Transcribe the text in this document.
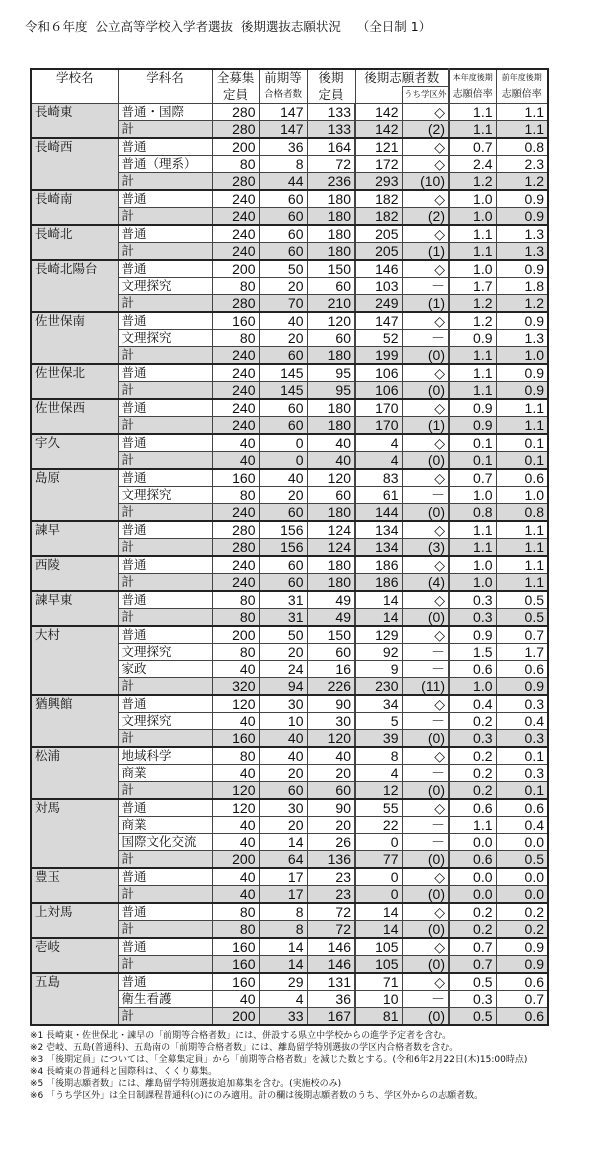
令和６年度  公立高等学校入学者選抜  後期選抜志願状況    （全日制 1）
学校名	学科名	全募集	前期等	後期	後期志願者数		本年度後期	前年度後期
		定員	合格者数	定員		うち学区外	志願倍率	志願倍率
長崎東	普通・国際	280	147	133	142	◇	1.1	1.1
	計	280	147	133	142	(2)	1.1	1.1
長崎西	普通	200	36	164	121	◇	0.7	0.8
	普通（理系）	80	8	72	172	◇	2.4	2.3
	計	280	44	236	293	(10)	1.2	1.2
長崎南	普通	240	60	180	182	◇	1.0	0.9
	計	240	60	180	182	(2)	1.0	0.9
長崎北	普通	240	60	180	205	◇	1.1	1.3
	計	240	60	180	205	(1)	1.1	1.3
長崎北陽台	普通	200	50	150	146	◇	1.0	0.9
	文理探究	80	20	60	103	－	1.7	1.8
	計	280	70	210	249	(1)	1.2	1.2
佐世保南	普通	160	40	120	147	◇	1.2	0.9
	文理探究	80	20	60	52	－	0.9	1.3
	計	240	60	180	199	(0)	1.1	1.0
佐世保北	普通	240	145	95	106	◇	1.1	0.9
	計	240	145	95	106	(0)	1.1	0.9
佐世保西	普通	240	60	180	170	◇	0.9	1.1
	計	240	60	180	170	(1)	0.9	1.1
宇久	普通	40	0	40	4	◇	0.1	0.1
	計	40	0	40	4	(0)	0.1	0.1
島原	普通	160	40	120	83	◇	0.7	0.6
	文理探究	80	20	60	61	－	1.0	1.0
	計	240	60	180	144	(0)	0.8	0.8
諫早	普通	280	156	124	134	◇	1.1	1.1
	計	280	156	124	134	(3)	1.1	1.1
西陵	普通	240	60	180	186	◇	1.0	1.1
	計	240	60	180	186	(4)	1.0	1.1
諫早東	普通	80	31	49	14	◇	0.3	0.5
	計	80	31	49	14	(0)	0.3	0.5
大村	普通	200	50	150	129	◇	0.9	0.7
	文理探究	80	20	60	92	－	1.5	1.7
	家政	40	24	16	9	－	0.6	0.6
	計	320	94	226	230	(11)	1.0	0.9
猶興館	普通	120	30	90	34	◇	0.4	0.3
	文理探究	40	10	30	5	－	0.2	0.4
	計	160	40	120	39	(0)	0.3	0.3
松浦	地域科学	80	40	40	8	◇	0.2	0.1
	商業	40	20	20	4	－	0.2	0.3
	計	120	60	60	12	(0)	0.2	0.1
対馬	普通	120	30	90	55	◇	0.6	0.6
	商業	40	20	20	22	－	1.1	0.4
	国際文化交流	40	14	26	0	－	0.0	0.0
	計	200	64	136	77	(0)	0.6	0.5
豊玉	普通	40	17	23	0	◇	0.0	0.0
	計	40	17	23	0	(0)	0.0	0.0
上対馬	普通	80	8	72	14	◇	0.2	0.2
	計	80	8	72	14	(0)	0.2	0.2
壱岐	普通	160	14	146	105	◇	0.7	0.9
	計	160	14	146	105	(0)	0.7	0.9
五島	普通	160	29	131	71	◇	0.5	0.6
	衛生看護	40	4	36	10	－	0.3	0.7
	計	200	33	167	81	(0)	0.5	0.6
※1 長崎東・佐世保北・諫早の「前期等合格者数」には、併設する県立中学校からの進学予定者を含む。
※2 壱岐、五島(普通科)、五島南の「前期等合格者数」には、離島留学特別選抜の学区内合格者数を含む。
※3 「後期定員」については、「全募集定員」から「前期等合格者数」を減じた数とする。(令和6年2月22日(木)15:00時点)
※4 長崎東の普通科と国際科は、くくり募集。
※5 「後期志願者数」には、離島留学特別選抜追加募集を含む。(実施校のみ)
※6 「うち学区外」は全日制課程普通科(◇)にのみ適用。計の欄は後期志願者数のうち、学区外からの志願者数。
